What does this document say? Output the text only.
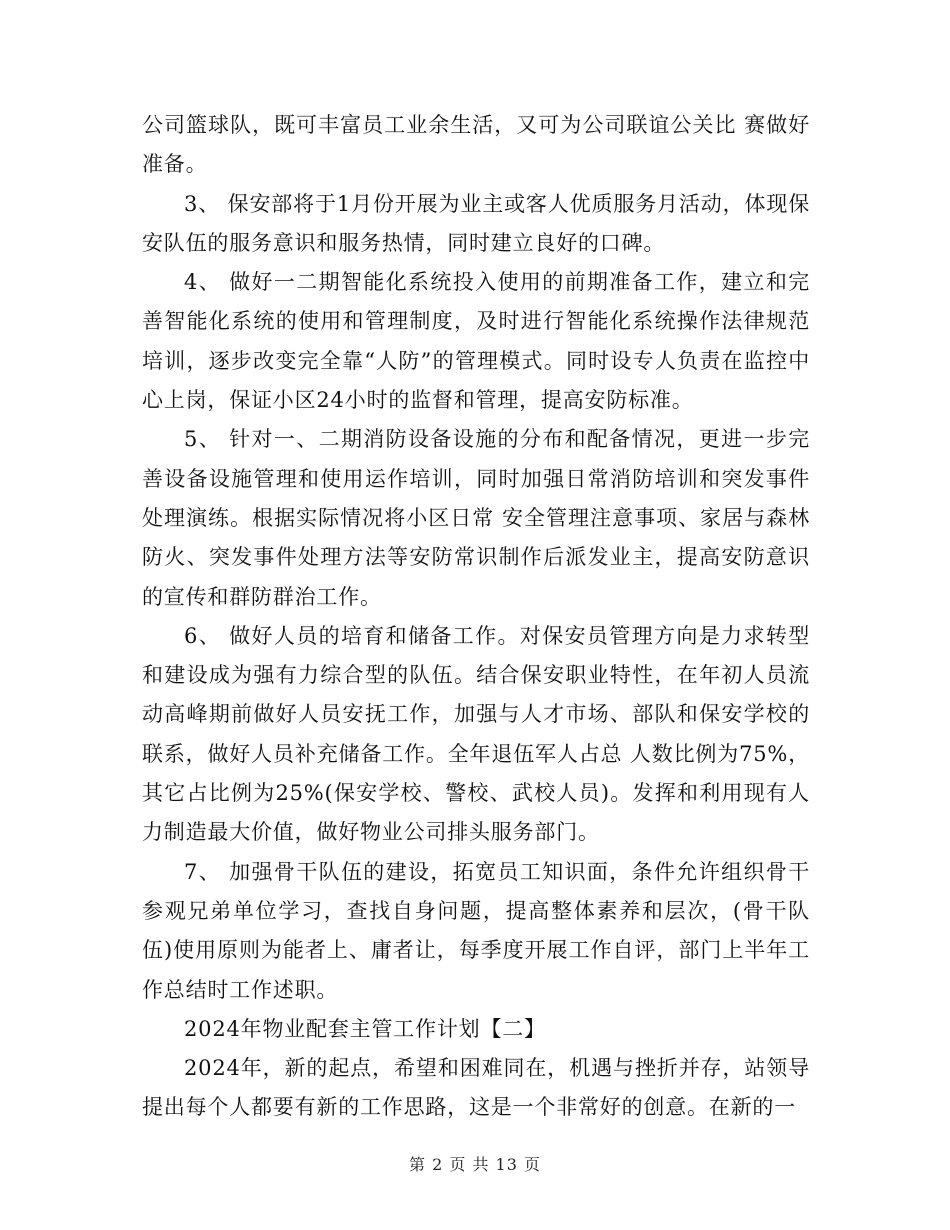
公司篮球队，既可丰富员工业余生活，又可为公司联谊公关比 赛做好准备。

3、 保安部将于1月份开展为业主或客人优质服务月活动，体现保安队伍的服务意识和服务热情，同时建立良好的口碑。

4、 做好一二期智能化系统投入使用的前期准备工作，建立和完善智能化系统的使用和管理制度，及时进行智能化系统操作法律规范培训，逐步改变完全靠“人防”的管理模式。同时设专人负责在监控中心上岗，保证小区24小时的监督和管理，提高安防标准。

5、 针对一、二期消防设备设施的分布和配备情况，更进一步完善设备设施管理和使用运作培训，同时加强日常消防培训和突发事件处理演练。根据实际情况将小区日常 安全管理注意事项、家居与森林防火、突发事件处理方法等安防常识制作后派发业主，提高安防意识的宣传和群防群治工作。

6、 做好人员的培育和储备工作。对保安员管理方向是力求转型和建设成为强有力综合型的队伍。结合保安职业特性，在年初人员流动高峰期前做好人员安抚工作，加强与人才市场、部队和保安学校的联系，做好人员补充储备工作。全年退伍军人占总 人数比例为75%，其它占比例为25%(保安学校、警校、武校人员)。发挥和利用现有人力制造最大价值，做好物业公司排头服务部门。

7、 加强骨干队伍的建设，拓宽员工知识面，条件允许组织骨干参观兄弟单位学习，查找自身问题，提高整体素养和层次，(骨干队伍)使用原则为能者上、庸者让，每季度开展工作自评，部门上半年工作总结时工作述职。

2024年物业配套主管工作计划【二】

2024年，新的起点，希望和困难同在，机遇与挫折并存，站领导提出每个人都要有新的工作思路，这是一个非常好的创意。在新的一

第 2 页 共 13 页
